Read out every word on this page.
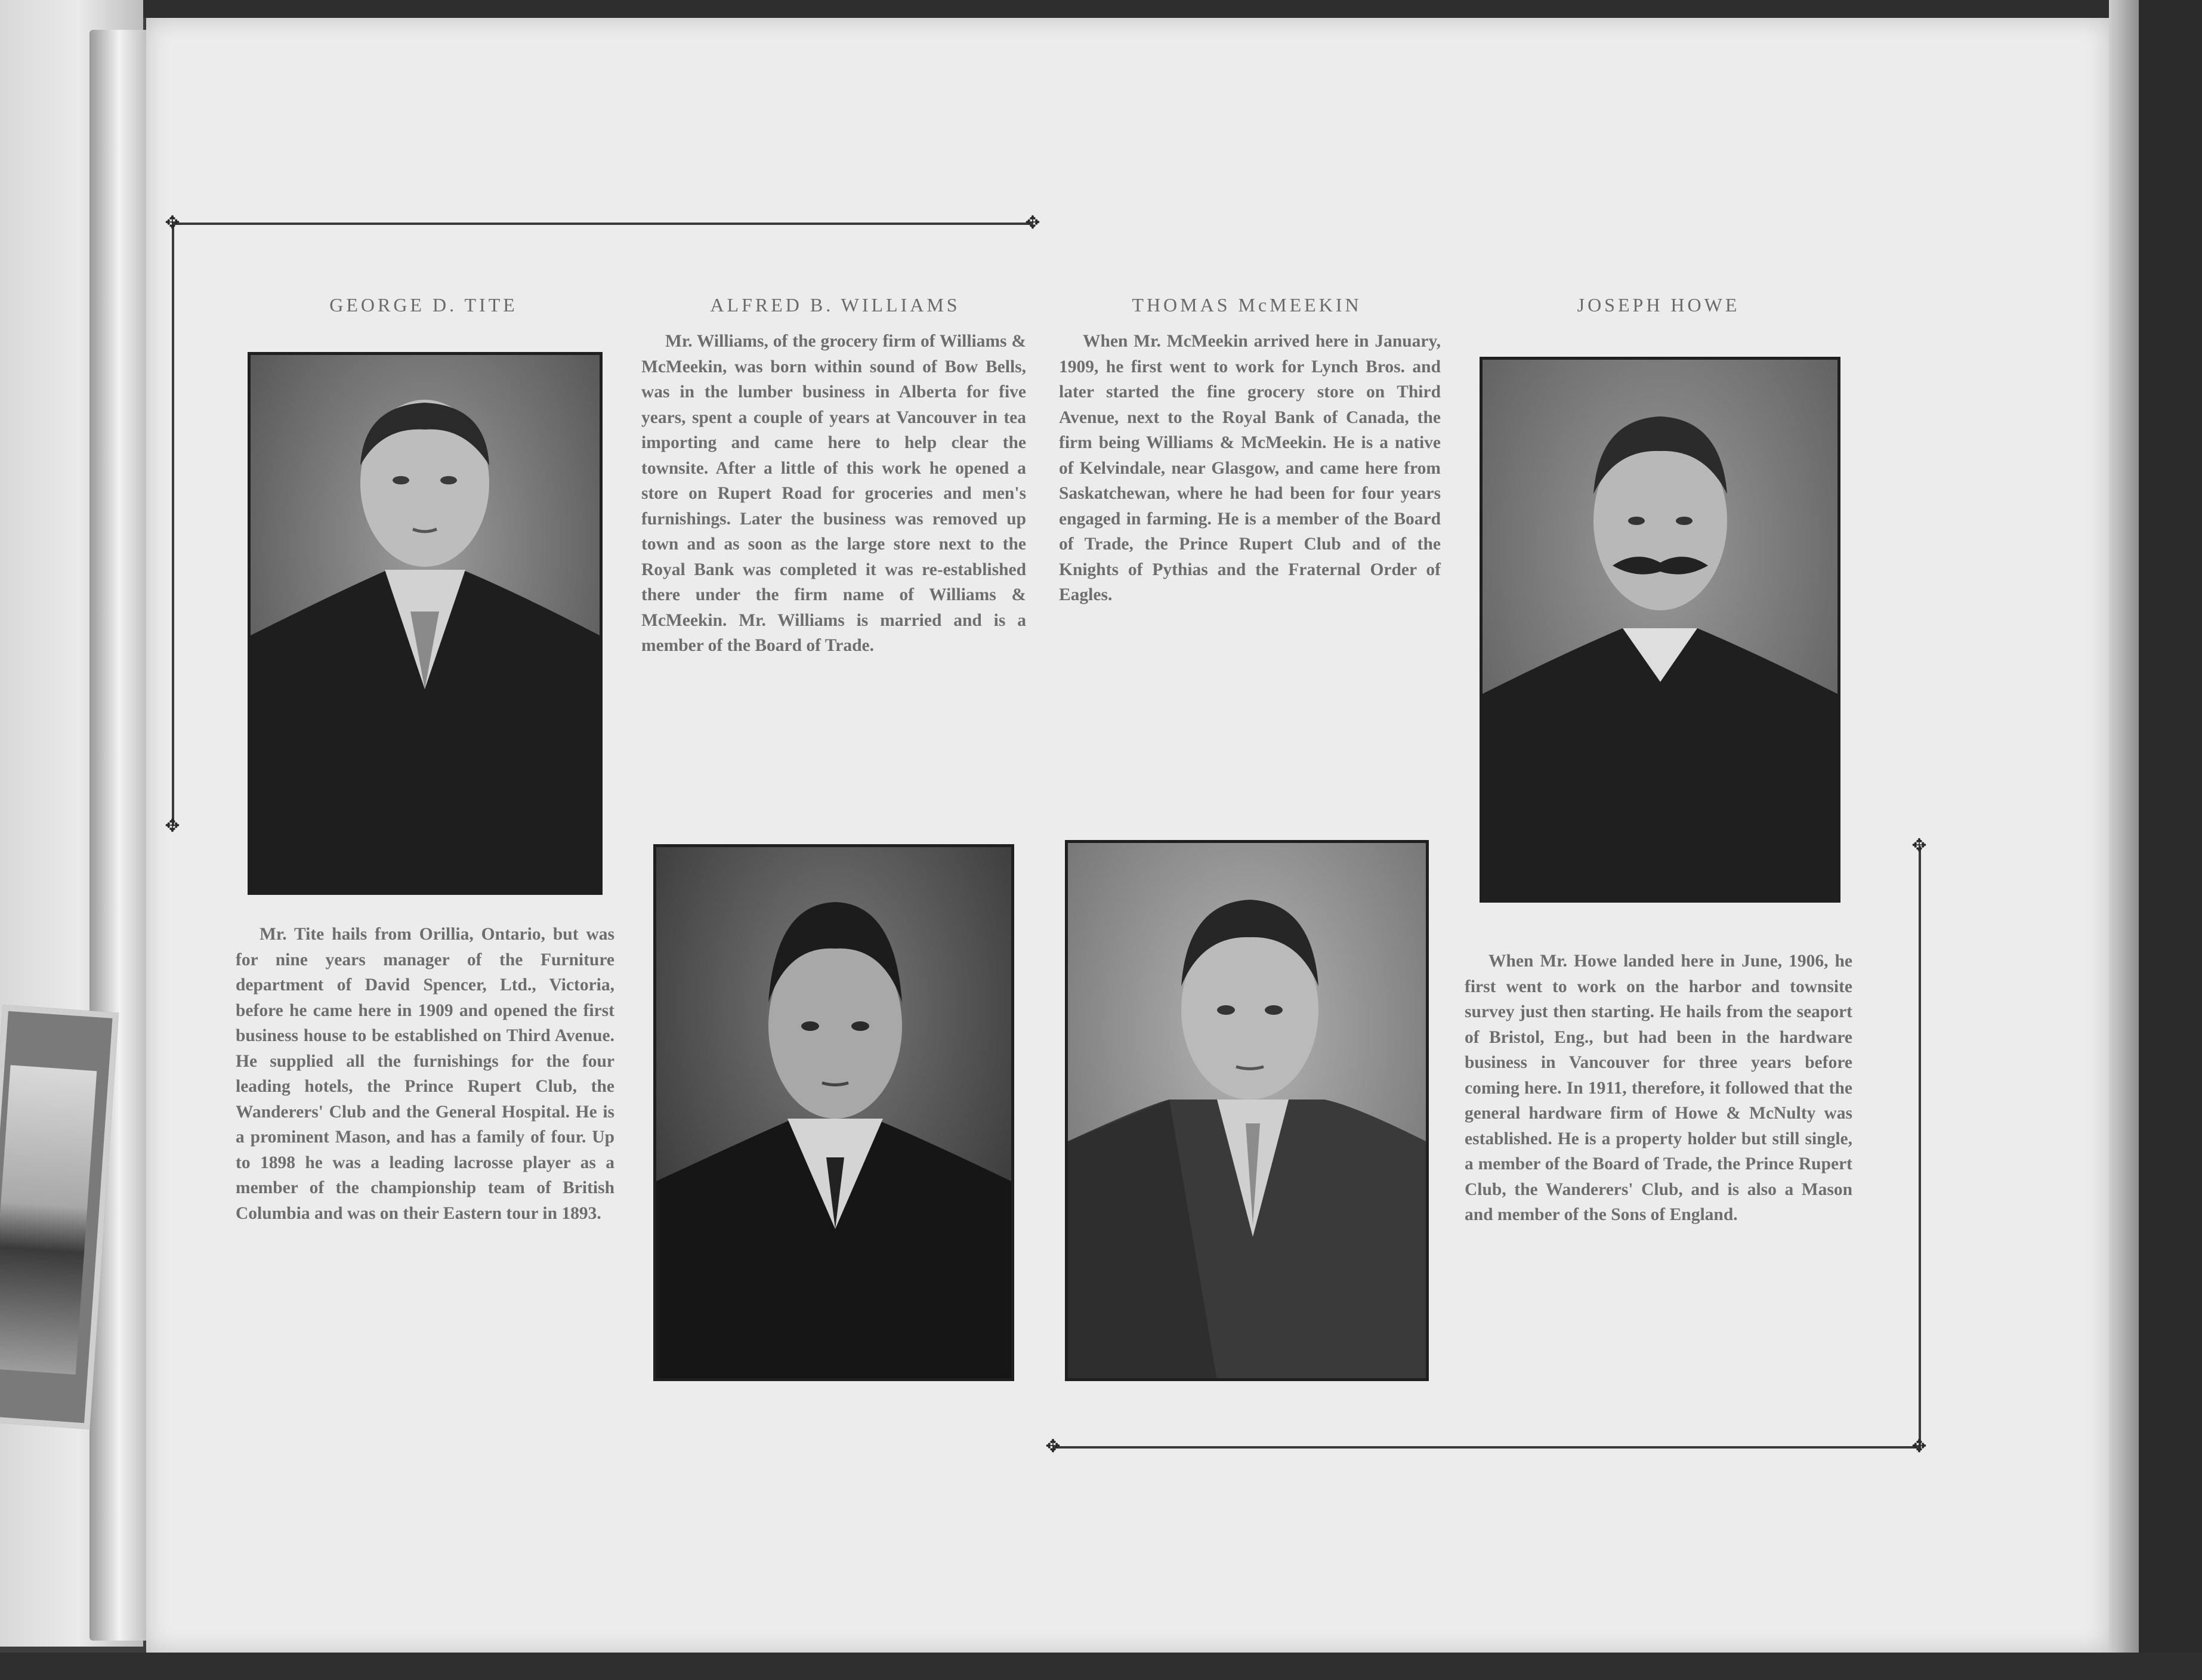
✥	✥
✥
✥	✥
✥
GEORGE D. TITE
Mr. Tite hails from Orillia, Ontario, but was for nine years manager of the Furniture department of David Spencer, Ltd., Victoria, before he came here in 1909 and opened the first business house to be established on Third Avenue. He supplied all the furnishings for the four leading hotels, the Prince Rupert Club, the Wanderers' Club and the General Hospital. He is a prominent Mason, and has a family of four. Up to 1898 he was a leading lacrosse player as a member of the championship team of British Columbia and was on their Eastern tour in 1893.
ALFRED B. WILLIAMS
Mr. Williams, of the grocery firm of Williams & McMeekin, was born within sound of Bow Bells, was in the lumber business in Alberta for five years, spent a couple of years at Vancouver in tea importing and came here to help clear the townsite. After a little of this work he opened a store on Rupert Road for groceries and men's furnishings. Later the business was removed up town and as soon as the large store next to the Royal Bank was completed it was re-established there under the firm name of Williams & McMeekin. Mr. Williams is married and is a member of the Board of Trade.
THOMAS McMEEKIN
When Mr. McMeekin arrived here in January, 1909, he first went to work for Lynch Bros. and later started the fine grocery store on Third Avenue, next to the Royal Bank of Canada, the firm being Williams & McMeekin. He is a native of Kelvindale, near Glasgow, and came here from Saskatchewan, where he had been for four years engaged in farming. He is a member of the Board of Trade, the Prince Rupert Club and of the Knights of Pythias and the Fraternal Order of Eagles.
JOSEPH HOWE
When Mr. Howe landed here in June, 1906, he first went to work on the harbor and townsite survey just then starting. He hails from the seaport of Bristol, Eng., but had been in the hardware business in Vancouver for three years before coming here. In 1911, therefore, it followed that the general hardware firm of Howe & McNulty was established. He is a property holder but still single, a member of the Board of Trade, the Prince Rupert Club, the Wanderers' Club, and is also a Mason and member of the Sons of England.
